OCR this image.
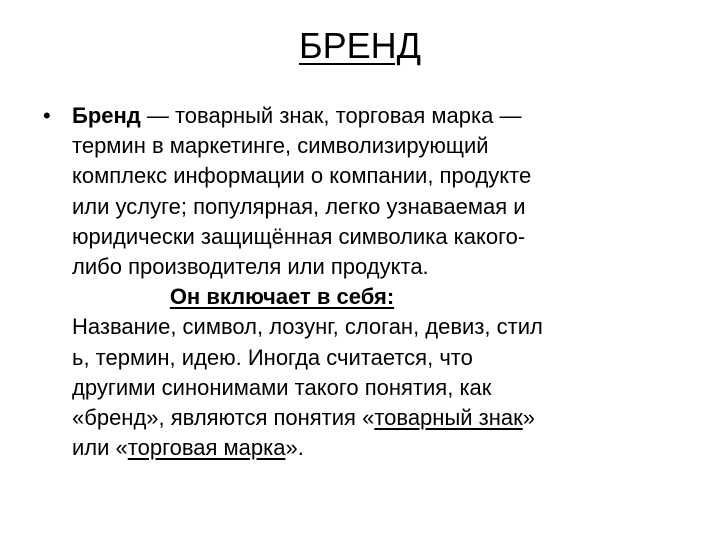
БРЕНД
• Бренд — товарный знак, торговая марка —
термин в маркетинге, символизирующий
комплекс информации о компании, продукте
или услуге; популярная, легко узнаваемая и
юридически защищённая символика какого-
либо производителя или продукта.
Он включает в себя:
Название, символ, лозунг, слоган, девиз, стил
ь, термин, идею. Иногда считается, что
другими синонимами такого понятия, как
«бренд», являются понятия «товарный знак»
или «торговая марка».
